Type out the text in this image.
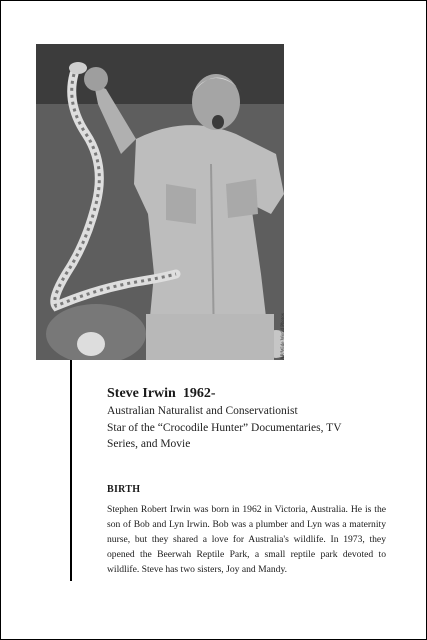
AP/Wide World Photos
Steve Irwin  1962-
Australian Naturalist and Conservationist
Star of the “Crocodile Hunter” Documentaries, TV
Series, and Movie
BIRTH

Stephen Robert Irwin was born in 1962 in Victoria, Australia. He is the son of Bob and Lyn Irwin. Bob was a plumber and Lyn was a maternity nurse, but they shared a love for Australia's wildlife. In 1973, they opened the Beerwah Reptile Park, a small reptile park devoted to wildlife. Steve has two sisters, Joy and Mandy.
